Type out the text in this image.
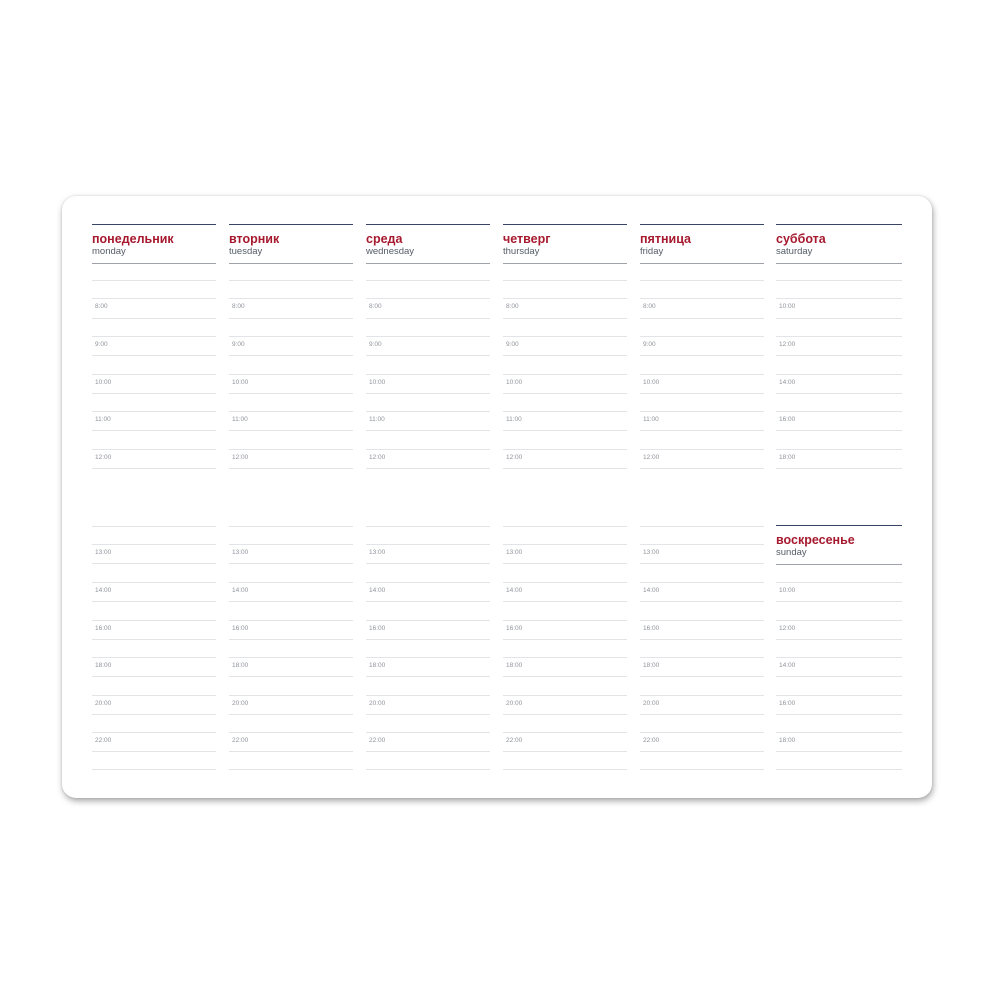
понедельник
monday
8:00
9:00
10:00
11:00
12:00
13:00
14:00
16:00
18:00
20:00
22:00
вторник
tuesday
8:00
9:00
10:00
11:00
12:00
13:00
14:00
16:00
18:00
20:00
22:00
среда
wednesday
8:00
9:00
10:00
11:00
12:00
13:00
14:00
16:00
18:00
20:00
22:00
четверг
thursday
8:00
9:00
10:00
11:00
12:00
13:00
14:00
16:00
18:00
20:00
22:00
пятница
friday
8:00
9:00
10:00
11:00
12:00
13:00
14:00
16:00
18:00
20:00
22:00
суббота
saturday
10:00
12:00
14:00
16:00
18:00
воскресенье
sunday
10:00
12:00
14:00
16:00
18:00
